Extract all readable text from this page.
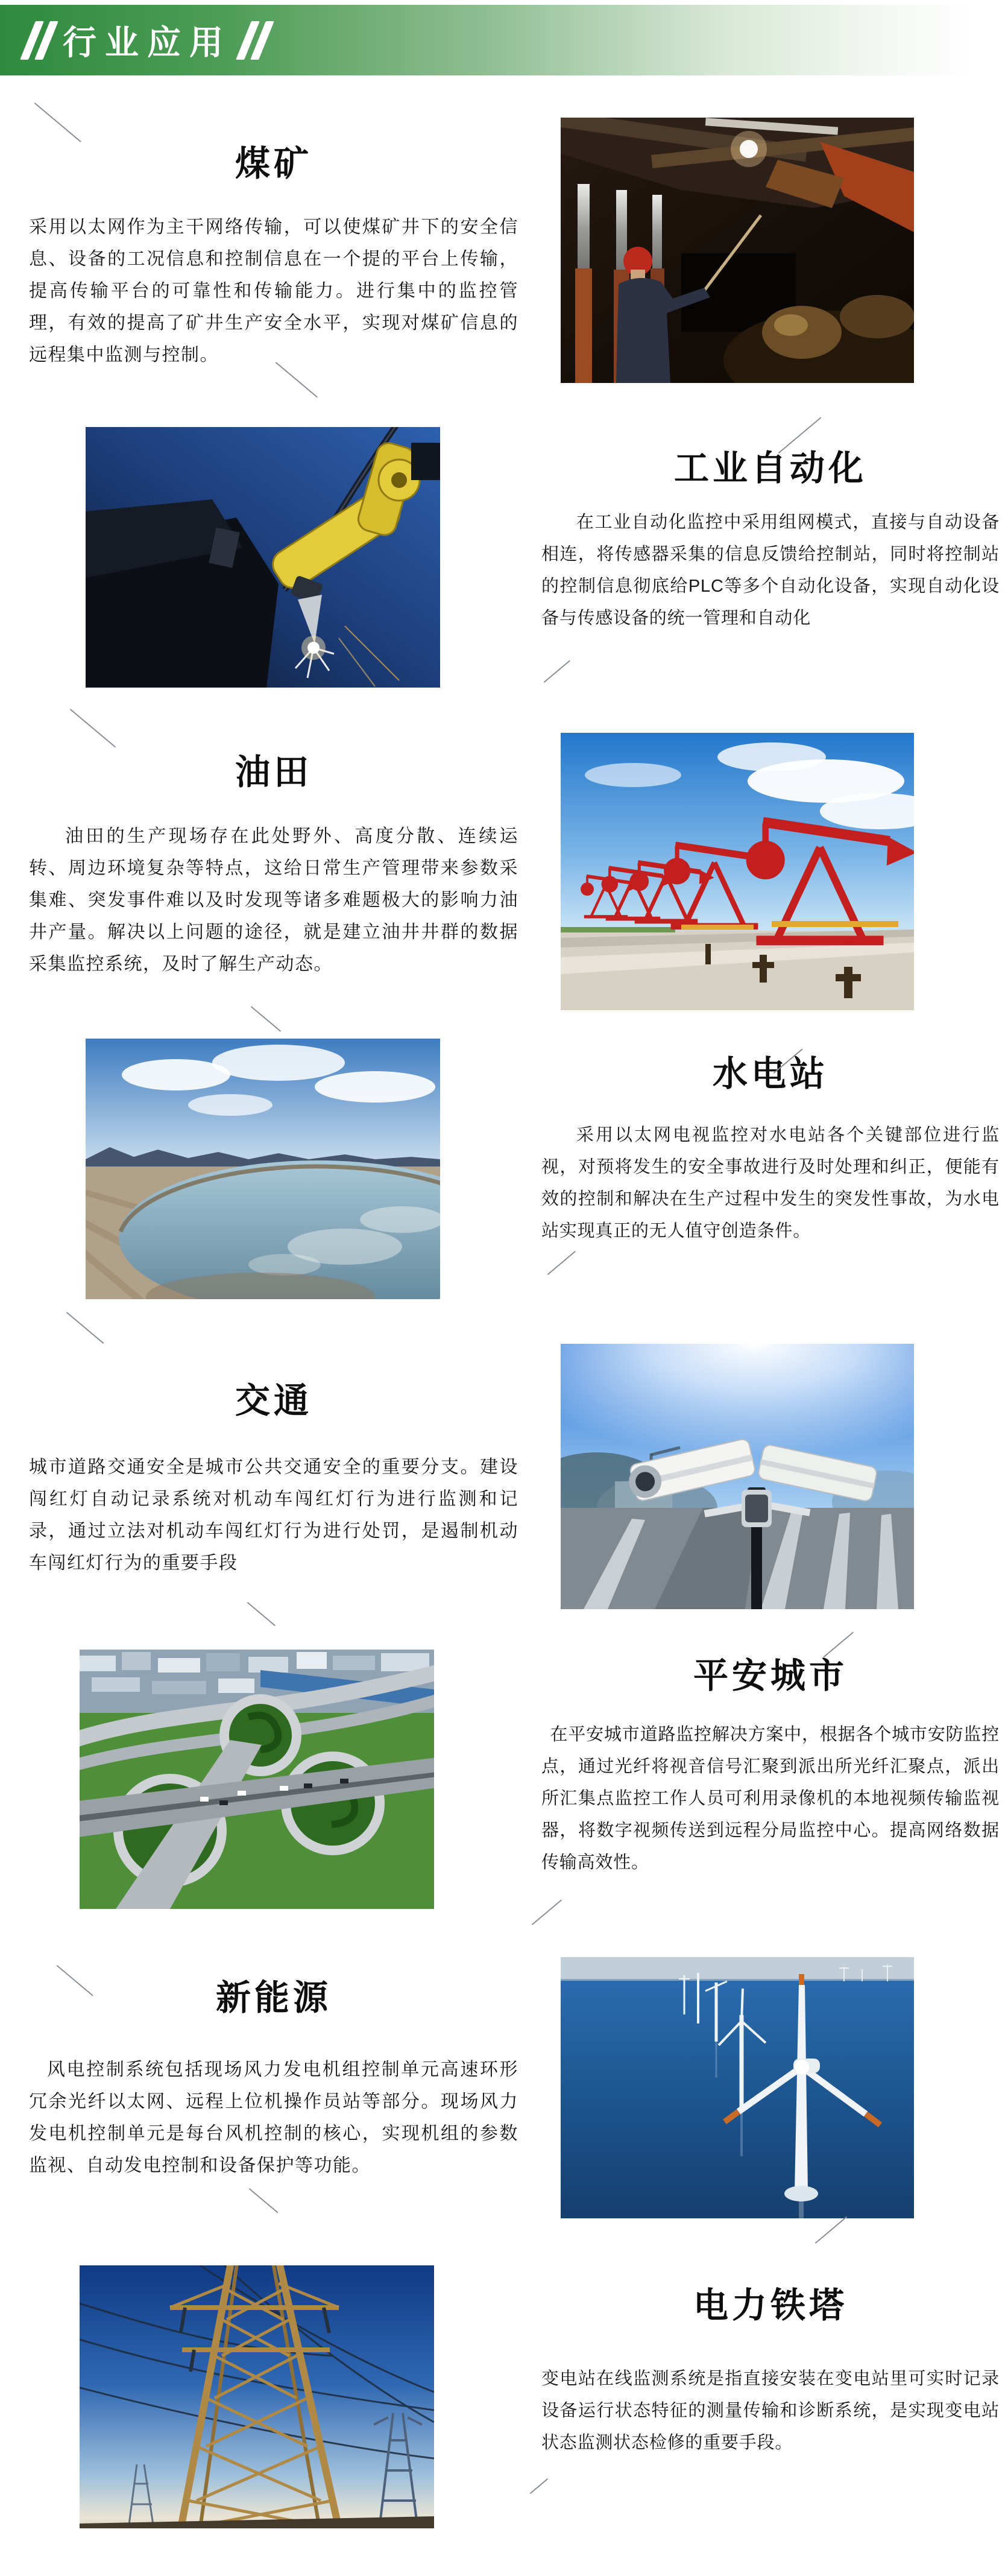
行业应用
煤矿

采用以太网作为主干网络传输，可以使煤矿井下的安全信息、设备的工况信息和控制信息在一个提的平台上传输，提高传输平台的可靠性和传输能力。进行集中的监控管理，有效的提高了矿井生产安全水平，实现对煤矿信息的远程集中监测与控制。

工业自动化

在工业自动化监控中采用组网模式，直接与自动设备相连，将传感器采集的信息反馈给控制站，同时将控制站的控制信息彻底给PLC等多个自动化设备，实现自动化设备与传感设备的统一管理和自动化

油田

油田的生产现场存在此处野外、高度分散、连续运转、周边环境复杂等特点，这给日常生产管理带来参数采集难、突发事件难以及时发现等诸多难题极大的影响力油井产量。解决以上问题的途径，就是建立油井井群的数据采集监控系统，及时了解生产动态。

水电站

采用以太网电视监控对水电站各个关键部位进行监视，对预将发生的安全事故进行及时处理和纠正，便能有效的控制和解决在生产过程中发生的突发性事故，为水电站实现真正的无人值守创造条件。

交通

城市道路交通安全是城市公共交通安全的重要分支。建设闯红灯自动记录系统对机动车闯红灯行为进行监测和记录，通过立法对机动车闯红灯行为进行处罚，是遏制机动车闯红灯行为的重要手段

平安城市

在平安城市道路监控解决方案中，根据各个城市安防监控点，通过光纤将视音信号汇聚到派出所光纤汇聚点，派出所汇集点监控工作人员可利用录像机的本地视频传输监视器，将数字视频传送到远程分局监控中心。提高网络数据传输高效性。

新能源

风电控制系统包括现场风力发电机组控制单元高速环形冗余光纤以太网、远程上位机操作员站等部分。现场风力发电机控制单元是每台风机控制的核心，实现机组的参数监视、自动发电控制和设备保护等功能。

电力铁塔

变电站在线监测系统是指直接安装在变电站里可实时记录设备运行状态特征的测量传输和诊断系统，是实现变电站状态监测状态检修的重要手段。
